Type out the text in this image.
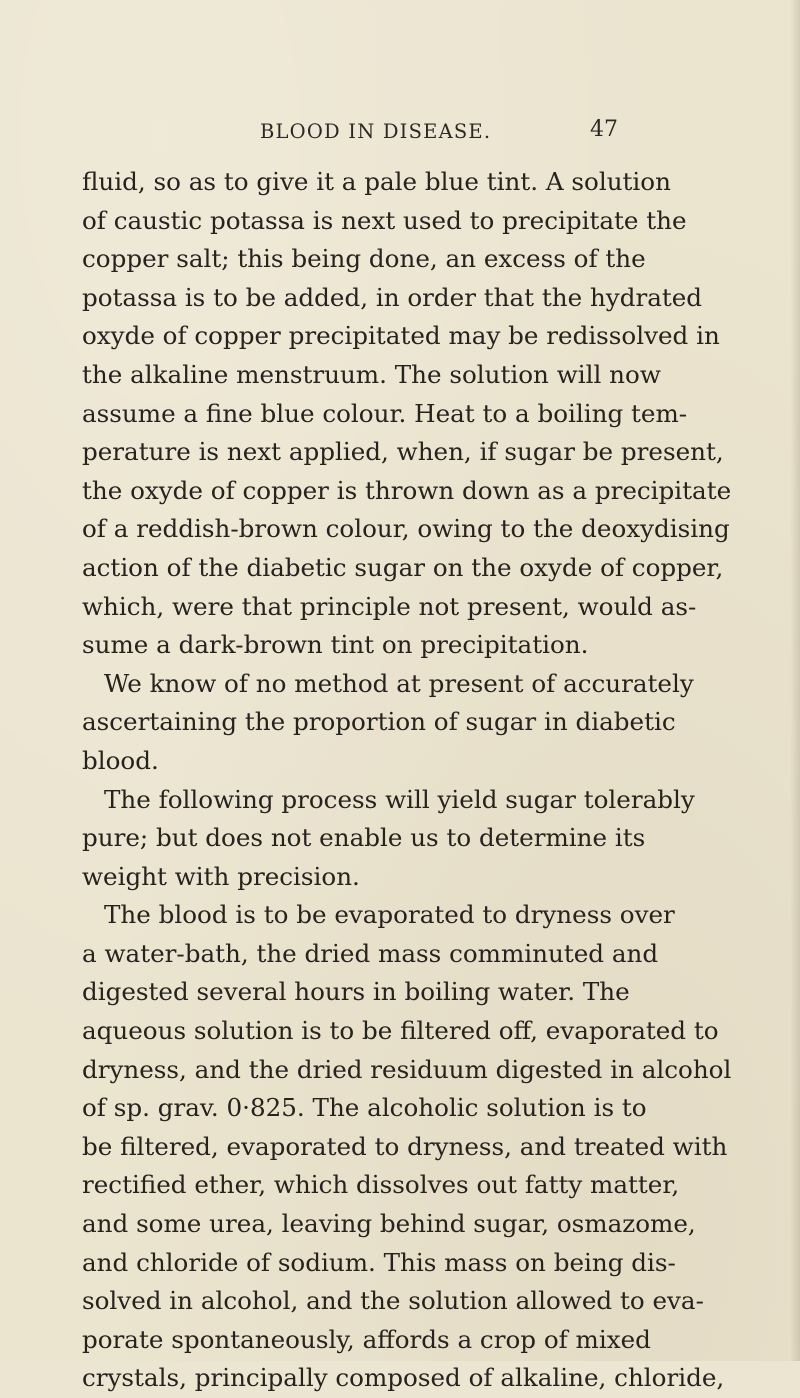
BLOOD IN DISEASE.	47
fluid, so as to give it a pale blue tint. A solution
of caustic potassa is next used to precipitate the
copper salt; this being done, an excess of the
potassa is to be added, in order that the hydrated
oxyde of copper precipitated may be redissolved in
the alkaline menstruum. The solution will now
assume a fine blue colour. Heat to a boiling tem-
perature is next applied, when, if sugar be present,
the oxyde of copper is thrown down as a precipitate
of a reddish-brown colour, owing to the deoxydising
action of the diabetic sugar on the oxyde of copper,
which, were that principle not present, would as-
sume a dark-brown tint on precipitation.
We know of no method at present of accurately
ascertaining the proportion of sugar in diabetic
blood.
The following process will yield sugar tolerably
pure; but does not enable us to determine its
weight with precision.
The blood is to be evaporated to dryness over
a water-bath, the dried mass comminuted and
digested several hours in boiling water. The
aqueous solution is to be filtered off, evaporated to
dryness, and the dried residuum digested in alcohol
of sp. grav. 0·825. The alcoholic solution is to
be filtered, evaporated to dryness, and treated with
rectified ether, which dissolves out fatty matter,
and some urea, leaving behind sugar, osmazome,
and chloride of sodium. This mass on being dis-
solved in alcohol, and the solution allowed to eva-
porate spontaneously, affords a crop of mixed
crystals, principally composed of alkaline, chloride,
